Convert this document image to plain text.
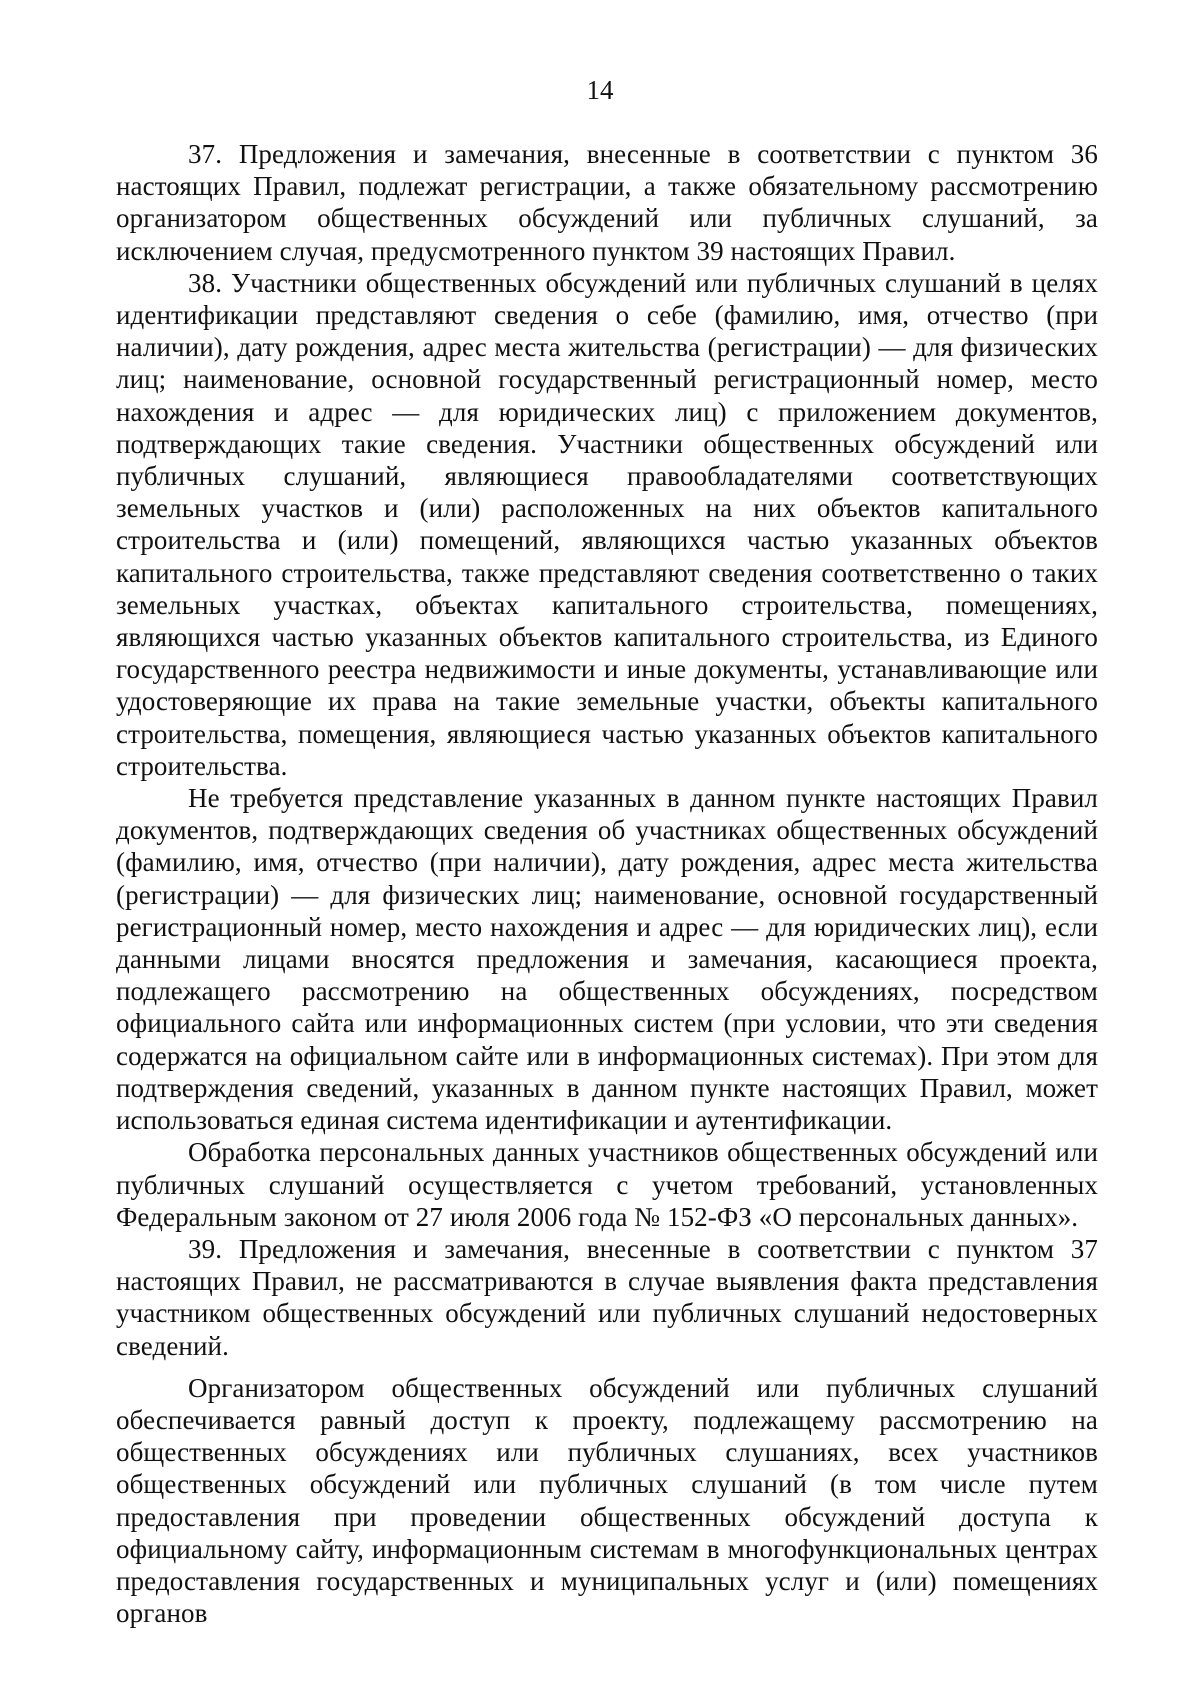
14

37. Предложения и замечания, внесенные в соответствии с пунктом 36 настоящих Правил, подлежат регистрации, а также обязательному рассмотрению организатором общественных обсуждений или публичных слушаний, за исключением случая, предусмотренного пунктом 39 настоящих Правил.

38. Участники общественных обсуждений или публичных слушаний в целях идентификации представляют сведения о себе (фамилию, имя, отчество (при наличии), дату рождения, адрес места жительства (регистрации) — для физических лиц; наименование, основной государственный регистрационный номер, место нахождения и адрес — для юридических лиц) с приложением документов, подтверждающих такие сведения. Участники общественных обсуждений или публичных слушаний, являющиеся правообладателями соответствующих земельных участков и (или) расположенных на них объектов капитального строительства и (или) помещений, являющихся частью указанных объектов капитального строительства, также представляют сведения соответственно о таких земельных участках, объектах капитального строительства, помещениях, являющихся частью указанных объектов капитального строительства, из Единого государственного реестра недвижимости и иные документы, устанавливающие или удостоверяющие их права на такие земельные участки, объекты капитального строительства, помещения, являющиеся частью указанных объектов капитального строительства.

Не требуется представление указанных в данном пункте настоящих Правил документов, подтверждающих сведения об участниках общественных обсуждений (фамилию, имя, отчество (при наличии), дату рождения, адрес места жительства (регистрации) — для физических лиц; наименование, основной государственный регистрационный номер, место нахождения и адрес — для юридических лиц), если данными лицами вносятся предложения и замечания, касающиеся проекта, подлежащего рассмотрению на общественных обсуждениях, посредством официального сайта или информационных систем (при условии, что эти сведения содержатся на официальном сайте или в информационных системах). При этом для подтверждения сведений, указанных в данном пункте настоящих Правил, может использоваться единая система идентификации и аутентификации.

Обработка персональных данных участников общественных обсуждений или публичных слушаний осуществляется с учетом требований, установленных Федеральным законом от 27 июля 2006 года № 152-ФЗ «О персональных данных».

39. Предложения и замечания, внесенные в соответствии с пунктом 37 настоящих Правил, не рассматриваются в случае выявления факта представления участником общественных обсуждений или публичных слушаний недостоверных сведений.

Организатором общественных обсуждений или публичных слушаний обеспечивается равный доступ к проекту, подлежащему рассмотрению на общественных обсуждениях или публичных слушаниях, всех участников общественных обсуждений или публичных слушаний (в том числе путем предоставления при проведении общественных обсуждений доступа к официальному сайту, информационным системам в многофункциональных центрах предоставления государственных и муниципальных услуг и (или) помещениях органов
